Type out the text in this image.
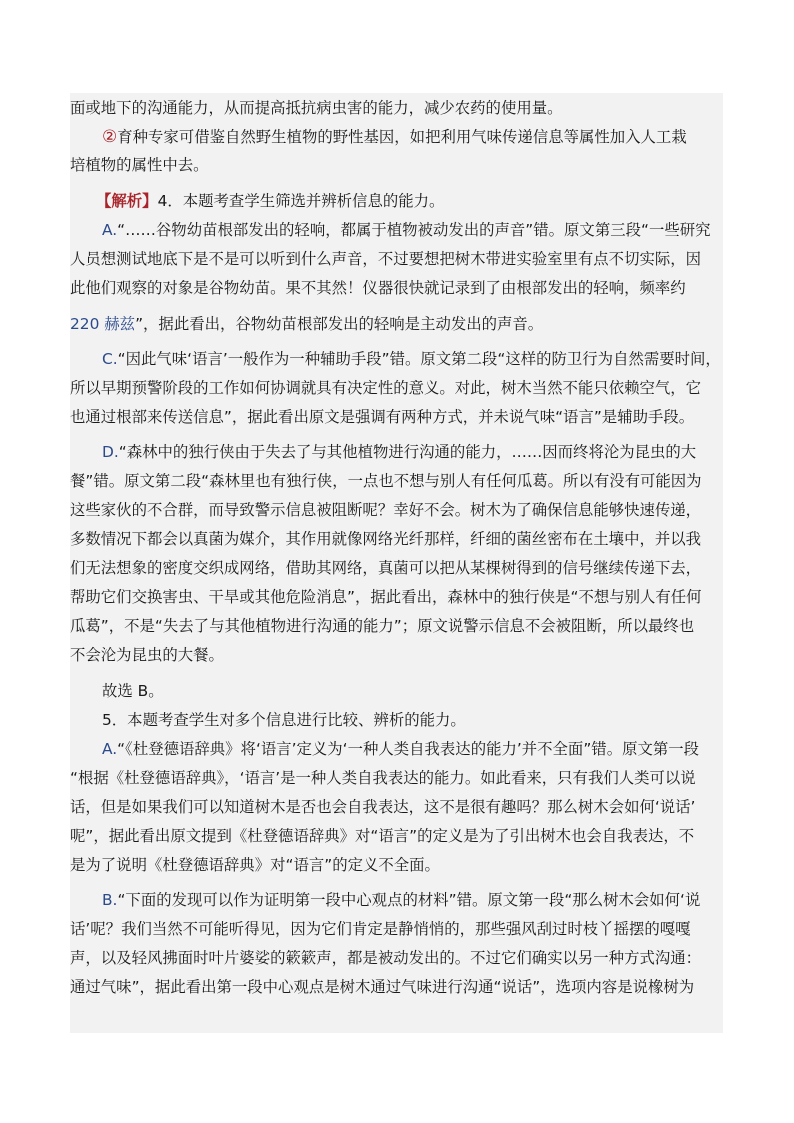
面或地下的沟通能力，从而提高抵抗病虫害的能力，减少农药的使用量。
②育种专家可借鉴自然野生植物的野性基因，如把利用气味传递信息等属性加入人工栽
培植物的属性中去。
【解析】4．本题考查学生筛选并辨析信息的能力。
A.“……谷物幼苗根部发出的轻响，都属于植物被动发出的声音”错。原文第三段“一些研究
人员想测试地底下是不是可以听到什么声音，不过要想把树木带进实验室里有点不切实际，因
此他们观察的对象是谷物幼苗。果不其然！仪器很快就记录到了由根部发出的轻响，频率约
220 赫兹”，据此看出，谷物幼苗根部发出的轻响是主动发出的声音。
C.“因此气味‘语言’一般作为一种辅助手段”错。原文第二段“这样的防卫行为自然需要时间，
所以早期预警阶段的工作如何协调就具有决定性的意义。对此，树木当然不能只依赖空气，它
也通过根部来传送信息”，据此看出原文是强调有两种方式，并未说气味“语言”是辅助手段。
D.“森林中的独行侠由于失去了与其他植物进行沟通的能力，……因而终将沦为昆虫的大
餐”错。原文第二段“森林里也有独行侠，一点也不想与别人有任何瓜葛。所以有没有可能因为
这些家伙的不合群，而导致警示信息被阻断呢？幸好不会。树木为了确保信息能够快速传递，
多数情况下都会以真菌为媒介，其作用就像网络光纤那样，纤细的菌丝密布在土壤中，并以我
们无法想象的密度交织成网络，借助其网络，真菌可以把从某棵树得到的信号继续传递下去，
帮助它们交换害虫、干旱或其他危险消息”，据此看出，森林中的独行侠是“不想与别人有任何
瓜葛”，不是“失去了与其他植物进行沟通的能力”；原文说警示信息不会被阻断，所以最终也
不会沦为昆虫的大餐。
故选 B。
5．本题考查学生对多个信息进行比较、辨析的能力。
A.“《杜登德语辞典》将‘语言’定义为‘一种人类自我表达的能力’并不全面”错。原文第一段
“根据《杜登德语辞典》，‘语言’是一种人类自我表达的能力。如此看来，只有我们人类可以说
话，但是如果我们可以知道树木是否也会自我表达，这不是很有趣吗？那么树木会如何‘说话’
呢”，据此看出原文提到《杜登德语辞典》对“语言”的定义是为了引出树木也会自我表达，不
是为了说明《杜登德语辞典》对“语言”的定义不全面。
B.“下面的发现可以作为证明第一段中心观点的材料”错。原文第一段“那么树木会如何‘说
话’呢？我们当然不可能听得见，因为它们肯定是静悄悄的，那些强风刮过时枝丫摇摆的嘎嘎
声，以及轻风拂面时叶片婆娑的簌簌声，都是被动发出的。不过它们确实以另一种方式沟通：
通过气味”，据此看出第一段中心观点是树木通过气味进行沟通“说话”，选项内容是说橡树为
